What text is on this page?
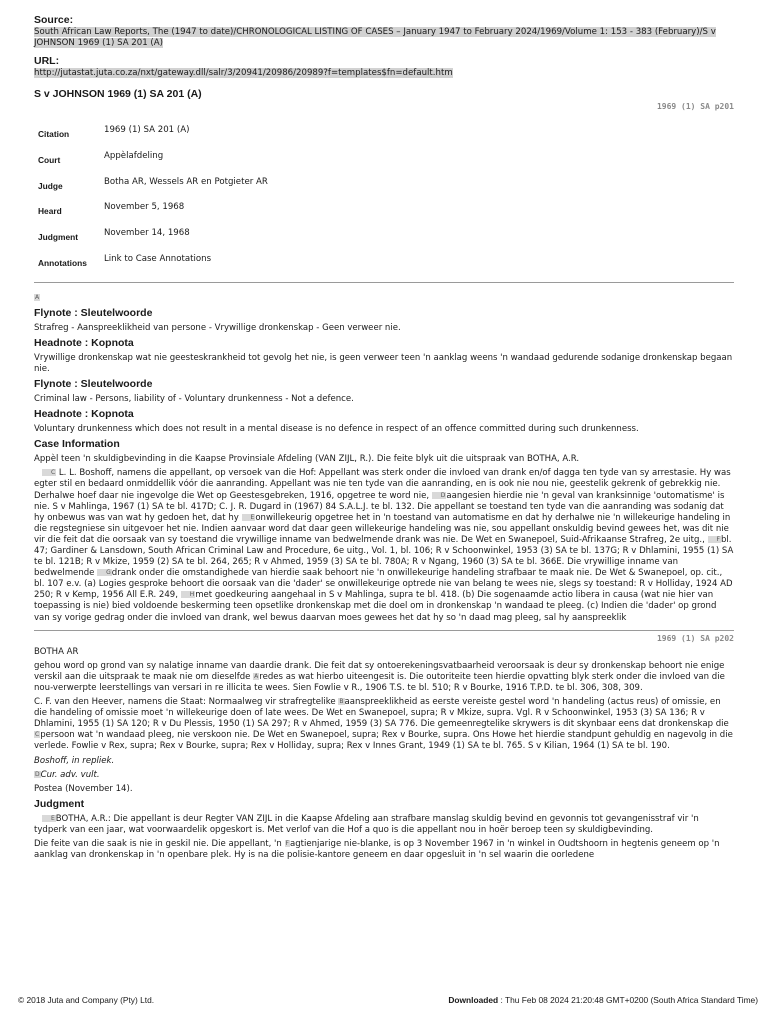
Source:
South African Law Reports, The (1947 to date)/CHRONOLOGICAL LISTING OF CASES – January 1947 to February 2024/1969/Volume 1: 153 - 383 (February)/S v JOHNSON 1969 (1) SA 201 (A)
URL:
http://jutastat.juta.co.za/nxt/gateway.dll/salr/3/20941/20986/20989?f=templates$fn=default.htm
S v JOHNSON 1969 (1) SA 201 (A)
1969 (1) SA p201
Citation	1969 (1) SA 201 (A)
Court	Appèlafdeling
Judge	Botha AR, Wessels AR en Potgieter AR
Heard	November 5, 1968
Judgment	November 14, 1968
Annotations	Link to Case Annotations
A
Flynote : Sleutelwoorde

Strafreg - Aanspreeklikheid van persone - Vrywillige dronkenskap - Geen verweer nie.

Headnote : Kopnota

Vrywillige dronkenskap wat nie geesteskrankheid tot gevolg het nie, is geen verweer teen 'n aanklag weens 'n wandaad gedurende sodanige dronkenskap begaan nie.

Flynote : Sleutelwoorde

Criminal law - Persons, liability of - Voluntary drunkenness - Not a defence.

Headnote : Kopnota

Voluntary drunkenness which does not result in a mental disease is no defence in respect of an offence committed during such drunkenness.

Case Information

Appèl teen 'n skuldigbevinding in die Kaapse Provinsiale Afdeling (VAN ZIJL, R.). Die feite blyk uit die uitspraak van BOTHA, A.R.

C L. L. Boshoff, namens die appellant, op versoek van die Hof: Appellant was sterk onder die invloed van drank en/of dagga ten tyde van sy arrestasie. Hy was egter stil en bedaard onmiddellik vóór die aanranding. Appellant was nie ten tyde van die aanranding, en is ook nie nou nie, geestelik gekrenk of gebrekkig nie. Derhalwe hoef daar nie ingevolge die Wet op Geestesgebreken, 1916, opgetree te word nie, Daangesien hierdie nie 'n geval van kranksinnige 'outomatisme' is nie. S v Mahlinga, 1967 (1) SA te bl. 417D; C. J. R. Dugard in (1967) 84 S.A.L.J. te bl. 132. Die appellant se toestand ten tyde van die aanranding was sodanig dat hy onbewus was van wat hy gedoen het, dat hy Eonwillekeurig opgetree het in 'n toestand van automatisme en dat hy derhalwe nie 'n willekeurige handeling in die regstegniese sin uitgevoer het nie. Indien aanvaar word dat daar geen willekeurige handeling was nie, sou appellant onskuldig bevind gewees het, was dit nie vir die feit dat die oorsaak van sy toestand die vrywillige inname van bedwelmende drank was nie. De Wet en Swanepoel, Suid-Afrikaanse Strafreg, 2e uitg., Fbl. 47; Gardiner & Lansdown, South African Criminal Law and Procedure, 6e uitg., Vol. 1, bl. 106; R v Schoonwinkel, 1953 (3) SA te bl. 137G; R v Dhlamini, 1955 (1) SA te bl. 121B; R v Mkize, 1959 (2) SA te bl. 264, 265; R v Ahmed, 1959 (3) SA te bl. 780A; R v Ngang, 1960 (3) SA te bl. 366E. Die vrywillige inname van bedwelmende Gdrank onder die omstandighede van hierdie saak behoort nie 'n onwillekeurige handeling strafbaar te maak nie. De Wet & Swanepoel, op. cit., bl. 107 e.v. (a) Logies gesproke behoort die oorsaak van die 'dader' se onwillekeurige optrede nie van belang te wees nie, slegs sy toestand: R v Holliday, 1924 AD 250; R v Kemp, 1956 All E.R. 249, Hmet goedkeuring aangehaal in S v Mahlinga, supra te bl. 418. (b) Die sogenaamde actio libera in causa (wat nie hier van toepassing is nie) bied voldoende beskerming teen opsetlike dronkenskap met die doel om in dronkenskap 'n wandaad te pleeg. (c) Indien die 'dader' op grond van sy vorige gedrag onder die invloed van drank, wel bewus daarvan moes gewees het dat hy so 'n daad mag pleeg, sal hy aanspreeklik

1969 (1) SA p202

BOTHA AR

gehou word op grond van sy nalatige inname van daardie drank. Die feit dat sy ontoerekeningsvatbaarheid veroorsaak is deur sy dronkenskap behoort nie enige verskil aan die uitspraak te maak nie om dieselfde Aredes as wat hierbo uiteengesit is. Die outoriteite teen hierdie opvatting blyk sterk onder die invloed van die nou-verwerpte leerstellings van versari in re illicita te wees. Sien Fowlie v R., 1906 T.S. te bl. 510; R v Bourke, 1916 T.P.D. te bl. 306, 308, 309.

C. F. van den Heever, namens die Staat: Normaalweg vir strafregtelike Baanspreeklikheid as eerste vereiste gestel word 'n handeling (actus reus) of omissie, en die handeling of omissie moet 'n willekeurige doen of late wees. De Wet en Swanepoel, supra; R v Mkize, supra. Vgl. R v Schoonwinkel, 1953 (3) SA 136; R v Dhlamini, 1955 (1) SA 120; R v Du Plessis, 1950 (1) SA 297; R v Ahmed, 1959 (3) SA 776. Die gemeenregtelike skrywers is dit skynbaar eens dat dronkenskap die Cpersoon wat 'n wandaad pleeg, nie verskoon nie. De Wet en Swanepoel, supra; Rex v Bourke, supra. Ons Howe het hierdie standpunt gehuldig en nagevolg in die verlede. Fowlie v Rex, supra; Rex v Bourke, supra; Rex v Holliday, supra; Rex v Innes Grant, 1949 (1) SA te bl. 765. S v Kilian, 1964 (1) SA te bl. 190.

Boshoff, in repliek.

DCur. adv. vult.

Postea (November 14).

Judgment

EBOTHA, A.R.: Die appellant is deur Regter VAN ZIJL in die Kaapse Afdeling aan strafbare manslag skuldig bevind en gevonnis tot gevangenisstraf vir 'n tydperk van een jaar, wat voorwaardelik opgeskort is. Met verlof van die Hof a quo is die appellant nou in hoër beroep teen sy skuldigbevinding.

Die feite van die saak is nie in geskil nie. Die appellant, 'n Fagtienjarige nie-blanke, is op 3 November 1967 in 'n winkel in Oudtshoorn in hegtenis geneem op 'n aanklag van dronkenskap in 'n openbare plek. Hy is na die polisie-kantore geneem en daar opgesluit in 'n sel waarin die oorledene

© 2018 Juta and Company (Pty) Ltd.	Downloaded : Thu Feb 08 2024 21:20:48 GMT+0200 (South Africa Standard Time)
